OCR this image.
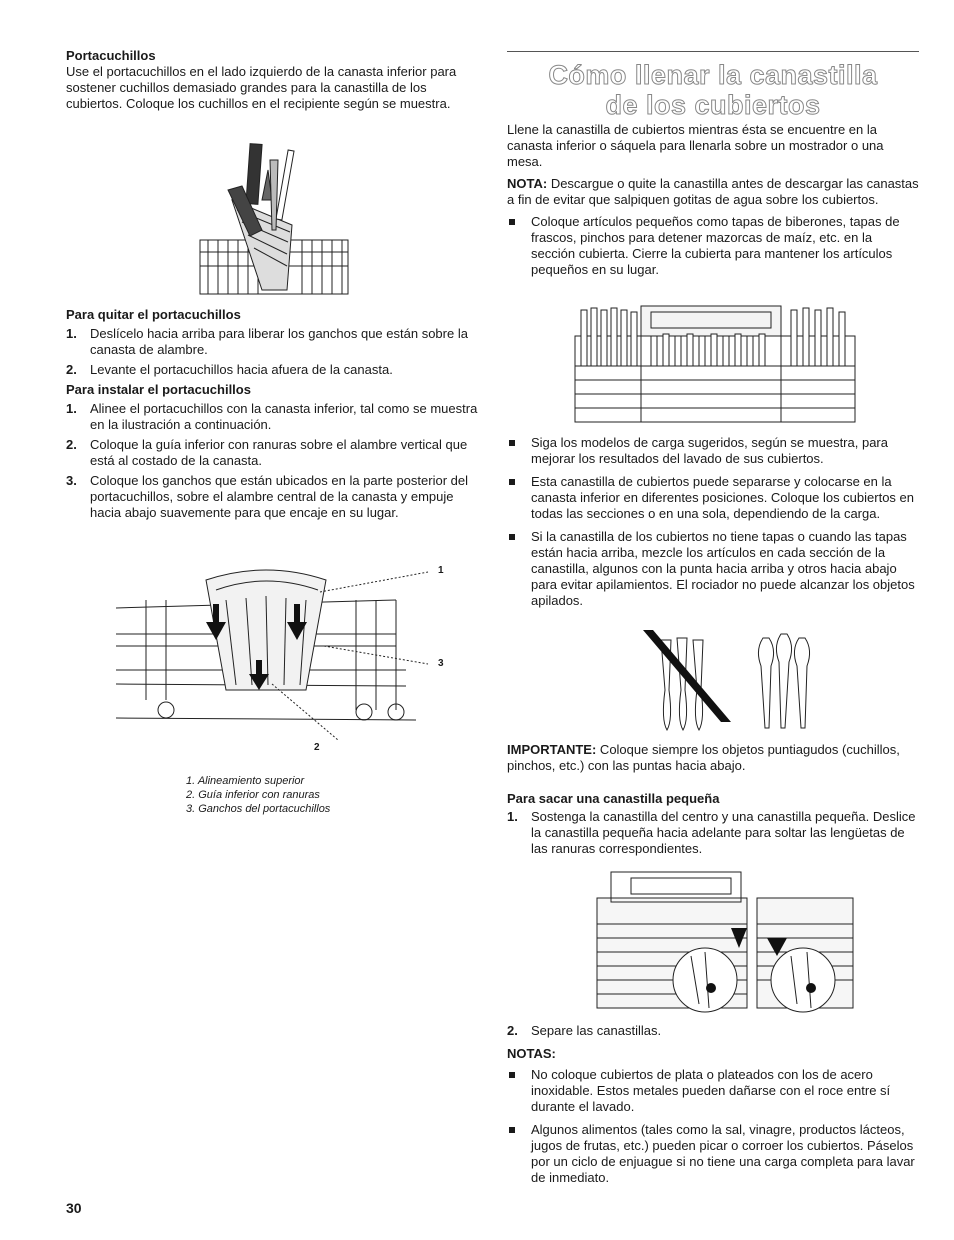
Portacuchillos

Use el portacuchillos en el lado izquierdo de la canasta inferior para sostener cuchillos demasiado grandes para la canastilla de los cubiertos. Coloque los cuchillos en el recipiente según se muestra.

Para quitar el portacuchillos
1. Deslícelo hacia arriba para liberar los ganchos que están sobre la canasta de alambre.
2. Levante el portacuchillos hacia afuera de la canasta.
Para instalar el portacuchillos
1. Alinee el portacuchillos con la canasta inferior, tal como se muestra en la ilustración a continuación.
2. Coloque la guía inferior con ranuras sobre el alambre vertical que está al costado de la canasta.
3. Coloque los ganchos que están ubicados en la parte posterior del portacuchillos, sobre el alambre central de la canasta y empuje hacia abajo suavemente para que encaje en su lugar.
1
3
2
1. Alineamiento superior
2. Guía inferior con ranuras
3. Ganchos del portacuchillos
30
Cómo llenar la canastilla
de los cubiertos

Llene la canastilla de cubiertos mientras ésta se encuentre en la canasta inferior o sáquela para llenarla sobre un mostrador o una mesa.

NOTA: Descargue o quite la canastilla antes de descargar las canastas a fin de evitar que salpiquen gotitas de agua sobre los cubiertos.

Coloque artículos pequeños como tapas de biberones, tapas de frascos, pinchos para detener mazorcas de maíz, etc. en la sección cubierta. Cierre la cubierta para mantener los artículos pequeños en su lugar.
Siga los modelos de carga sugeridos, según se muestra, para mejorar los resultados del lavado de sus cubiertos.
Esta canastilla de cubiertos puede separarse y colocarse en la canasta inferior en diferentes posiciones. Coloque los cubiertos en todas las secciones o en una sola, dependiendo de la carga.
Si la canastilla de los cubiertos no tiene tapas o cuando las tapas están hacia arriba, mezcle los artículos en cada sección de la canastilla, algunos con la punta hacia arriba y otros hacia abajo para evitar apilamientos. El rociador no puede alcanzar los objetos apilados.

IMPORTANTE: Coloque siempre los objetos puntiagudos (cuchillos, pinchos, etc.) con las puntas hacia abajo.

Para sacar una canastilla pequeña
1. Sostenga la canastilla del centro y una canastilla pequeña. Deslice la canastilla pequeña hacia adelante para soltar las lengüetas de las ranuras correspondientes.
2. Separe las canastillas.
NOTAS:
No coloque cubiertos de plata o plateados con los de acero inoxidable. Estos metales pueden dañarse con el roce entre sí durante el lavado.
Algunos alimentos (tales como la sal, vinagre, productos lácteos, jugos de frutas, etc.) pueden picar o corroer los cubiertos. Páselos por un ciclo de enjuague si no tiene una carga completa para lavar de inmediato.
